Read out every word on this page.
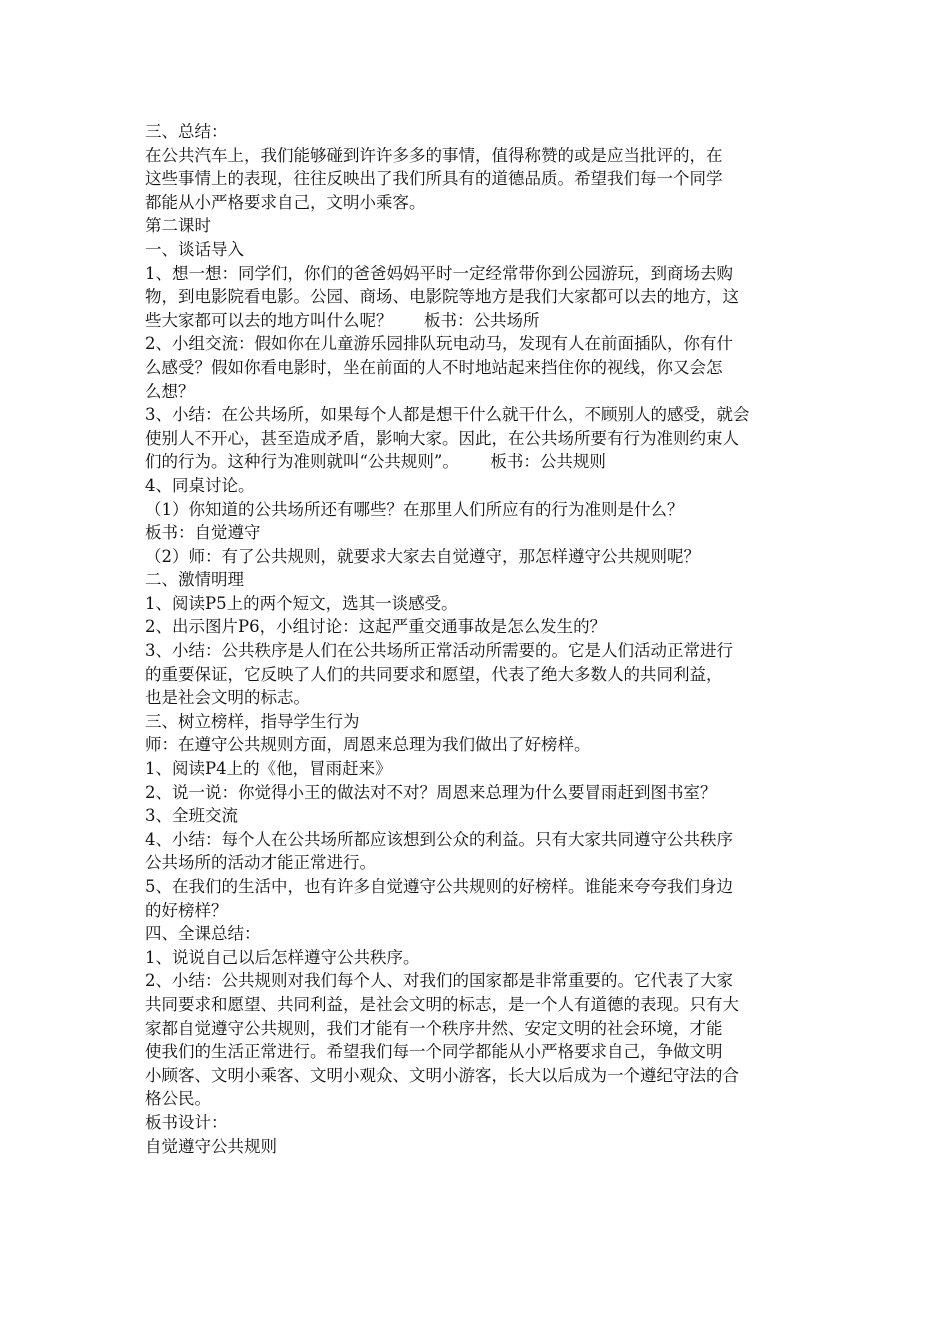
三、总结：
在公共汽车上，我们能够碰到许许多多的事情，值得称赞的或是应当批评的，在
这些事情上的表现，往往反映出了我们所具有的道德品质。希望我们每一个同学
都能从小严格要求自己，文明小乘客。
第二课时
一、谈话导入
1、想一想：同学们，你们的爸爸妈妈平时一定经常带你到公园游玩，到商场去购
物，到电影院看电影。公园、商场、电影院等地方是我们大家都可以去的地方，这
些大家都可以去的地方叫什么呢？      板书：公共场所
2、小组交流：假如你在儿童游乐园排队玩电动马，发现有人在前面插队，你有什
么感受？假如你看电影时，坐在前面的人不时地站起来挡住你的视线，你又会怎
么想？
3、小结：在公共场所，如果每个人都是想干什么就干什么，不顾别人的感受，就会
使别人不开心，甚至造成矛盾，影响大家。因此，在公共场所要有行为准则约束人
们的行为。这种行为准则就叫“公共规则”。      板书：公共规则
4、同桌讨论。
（1）你知道的公共场所还有哪些？在那里人们所应有的行为准则是什么？
板书：自觉遵守
（2）师：有了公共规则，就要求大家去自觉遵守，那怎样遵守公共规则呢？
二、激情明理
1、阅读P5上的两个短文，选其一谈感受。
2、出示图片P6，小组讨论：这起严重交通事故是怎么发生的？
3、小结：公共秩序是人们在公共场所正常活动所需要的。它是人们活动正常进行
的重要保证，它反映了人们的共同要求和愿望，代表了绝大多数人的共同利益，
也是社会文明的标志。
三、树立榜样，指导学生行为
师：在遵守公共规则方面，周恩来总理为我们做出了好榜样。
1、阅读P4上的《他，冒雨赶来》
2、说一说：你觉得小王的做法对不对？周恩来总理为什么要冒雨赶到图书室？
3、全班交流
4、小结：每个人在公共场所都应该想到公众的利益。只有大家共同遵守公共秩序
公共场所的活动才能正常进行。
5、在我们的生活中，也有许多自觉遵守公共规则的好榜样。谁能来夸夸我们身边
的好榜样？
四、全课总结：
1、说说自己以后怎样遵守公共秩序。
2、小结：公共规则对我们每个人、对我们的国家都是非常重要的。它代表了大家
共同要求和愿望、共同利益，是社会文明的标志，是一个人有道德的表现。只有大
家都自觉遵守公共规则，我们才能有一个秩序井然、安定文明的社会环境，才能
使我们的生活正常进行。希望我们每一个同学都能从小严格要求自己，争做文明
小顾客、文明小乘客、文明小观众、文明小游客，长大以后成为一个遵纪守法的合
格公民。
板书设计：
自觉遵守公共规则
